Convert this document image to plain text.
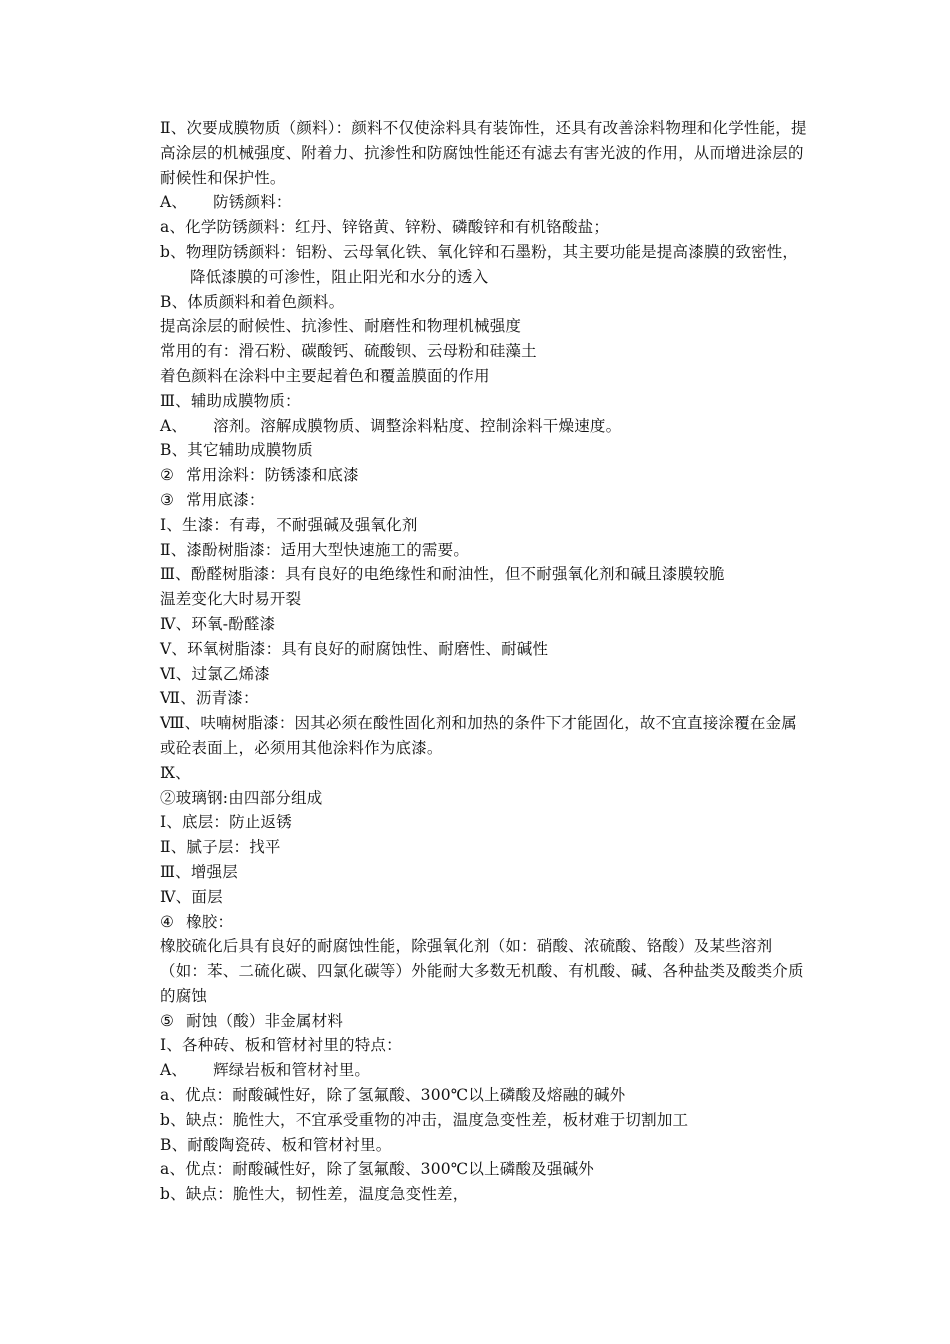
Ⅱ、次要成膜物质（颜料）：颜料不仅使涂料具有装饰性，还具有改善涂料物理和化学性能，提高涂层的机械强度、附着力、抗渗性和防腐蚀性能还有滤去有害光波的作用，从而增进涂层的耐候性和保护性。
A、 防锈颜料：
a、化学防锈颜料：红丹、锌铬黄、锌粉、磷酸锌和有机铬酸盐；
b、物理防锈颜料：铝粉、云母氧化铁、氧化锌和石墨粉，其主要功能是提高漆膜的致密性，降低漆膜的可渗性，阻止阳光和水分的透入
B、体质颜料和着色颜料。
提高涂层的耐候性、抗渗性、耐磨性和物理机械强度
常用的有：滑石粉、碳酸钙、硫酸钡、云母粉和硅藻土
着色颜料在涂料中主要起着色和覆盖膜面的作用
Ⅲ、辅助成膜物质：
A、 溶剂。溶解成膜物质、调整涂料粘度、控制涂料干燥速度。
B、其它辅助成膜物质
② 常用涂料：防锈漆和底漆
③ 常用底漆：
Ⅰ、生漆：有毒，不耐强碱及强氧化剂
Ⅱ、漆酚树脂漆：适用大型快速施工的需要。
Ⅲ、酚醛树脂漆：具有良好的电绝缘性和耐油性，但不耐强氧化剂和碱且漆膜较脆
温差变化大时易开裂
Ⅳ、环氧-酚醛漆
Ⅴ、环氧树脂漆：具有良好的耐腐蚀性、耐磨性、耐碱性
Ⅵ、过氯乙烯漆
Ⅶ、沥青漆：
Ⅷ、呋喃树脂漆：因其必须在酸性固化剂和加热的条件下才能固化，故不宜直接涂覆在金属或砼表面上，必须用其他涂料作为底漆。
Ⅸ、
②玻璃钢:由四部分组成
Ⅰ、底层：防止返锈
Ⅱ、腻子层：找平
Ⅲ、增强层
Ⅳ、面层
④ 橡胶：
橡胶硫化后具有良好的耐腐蚀性能，除强氧化剂（如：硝酸、浓硫酸、铬酸）及某些溶剂（如：苯、二硫化碳、四氯化碳等）外能耐大多数无机酸、有机酸、碱、各种盐类及酸类介质的腐蚀
⑤ 耐蚀（酸）非金属材料
Ⅰ、各种砖、板和管材衬里的特点：
A、 辉绿岩板和管材衬里。
a、优点：耐酸碱性好，除了氢氟酸、300℃以上磷酸及熔融的碱外
b、缺点：脆性大，不宜承受重物的冲击，温度急变性差，板材难于切割加工
B、耐酸陶瓷砖、板和管材衬里。
a、优点：耐酸碱性好，除了氢氟酸、300℃以上磷酸及强碱外
b、缺点：脆性大，韧性差，温度急变性差，
